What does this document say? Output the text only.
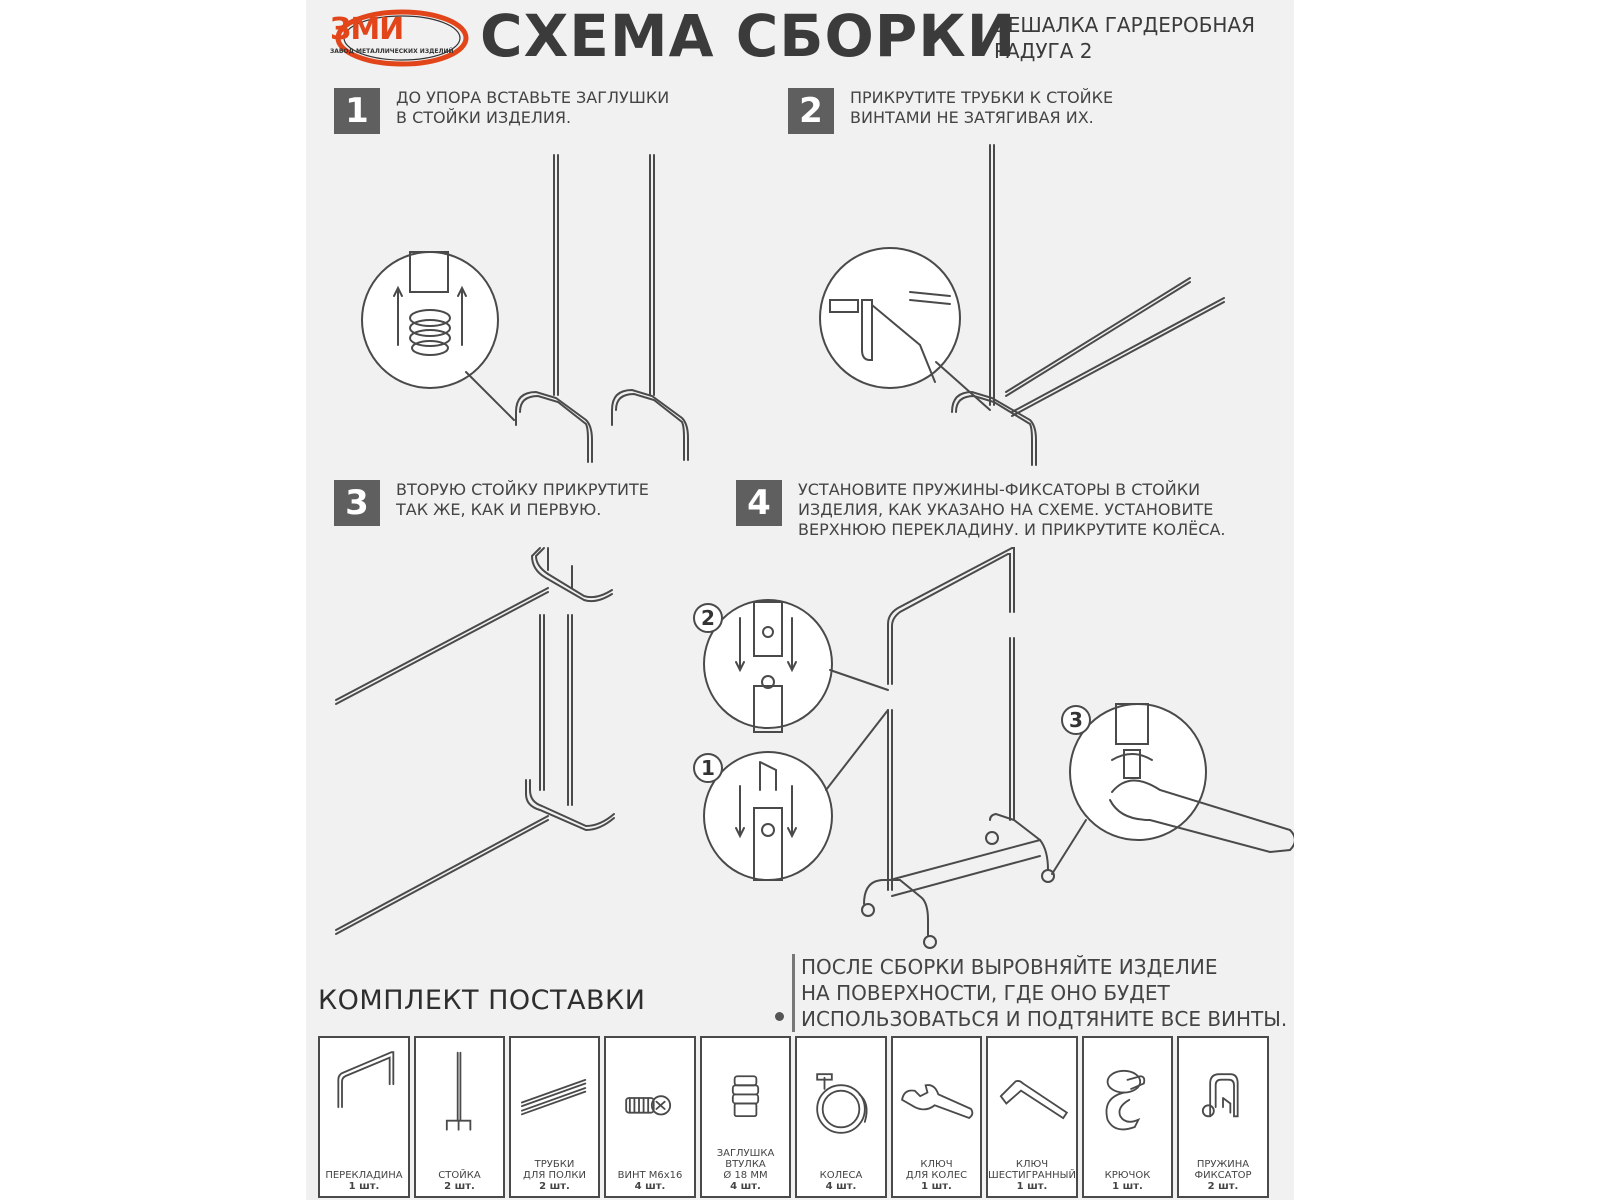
ЗМИ
ЗАВОД МЕТАЛЛИЧЕСКИХ ИЗДЕЛИЙ СХЕМА СБОРКИ
ВЕШАЛКА ГАРДЕРОБНАЯ
РАДУГА 2
1	ДО УПОРА ВСТАВЬТЕ ЗАГЛУШКИ
В СТОЙКИ ИЗДЕЛИЯ.	2	ПРИКРУТИТЕ ТРУБКИ К СТОЙКЕ
ВИНТАМИ НЕ ЗАТЯГИВАЯ ИХ.
3	ВТОРУЮ СТОЙКУ ПРИКРУТИТЕ
ТАК ЖЕ, КАК И ПЕРВУЮ.	4	УСТАНОВИТЕ ПРУЖИНЫ-ФИКСАТОРЫ В СТОЙКИ
ИЗДЕЛИЯ, КАК УКАЗАНО НА СХЕМЕ. УСТАНОВИТЕ
ВЕРХНЮЮ ПЕРЕКЛАДИНУ. И ПРИКРУТИТЕ КОЛЁСА.
2
1
3
ПОСЛЕ СБОРКИ ВЫРОВНЯЙТЕ ИЗДЕЛИЕ
НА ПОВЕРХНОСТИ, ГДЕ ОНО БУДЕТ
ИСПОЛЬЗОВАТЬСЯ И ПОДТЯНИТЕ ВСЕ ВИНТЫ.
КОМПЛЕКТ ПОСТАВКИ
ПЕРЕКЛАДИНА
1 шт.
СТОЙКА
2 шт.
ТРУБКИ
ДЛЯ ПОЛКИ
2 шт.
ВИНТ М6х16
4 шт.
ЗАГЛУШКА ВТУЛКА
Ø 18 ММ
4 шт.
КОЛЕСА
4 шт.
КЛЮЧ
ДЛЯ КОЛЕС
1 шт.
КЛЮЧ
ШЕСТИГРАННЫЙ
1 шт.
КРЮЧОК
1 шт.
ПРУЖИНА
ФИКСАТОР
2 шт.
